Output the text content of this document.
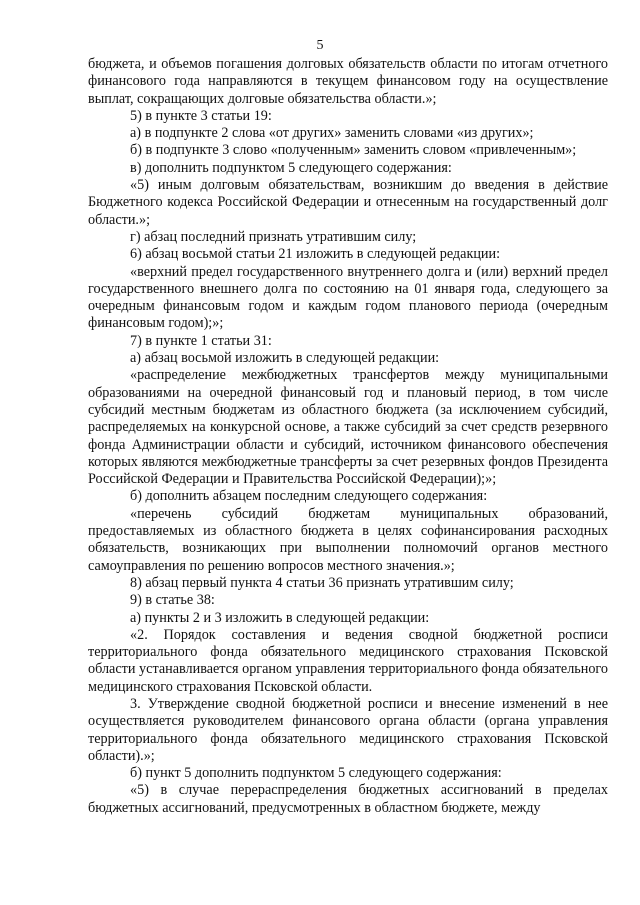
5

бюджета, и объемов погашения долговых обязательств области по итогам отчетного финансового года направляются в текущем финансовом году на осуществление выплат, сокращающих долговые обязательства области.»;

5) в пункте 3 статьи 19:

а) в подпункте 2 слова «от других» заменить словами «из других»;

б) в подпункте 3 слово «полученным» заменить словом «привлеченным»;

в) дополнить подпунктом 5 следующего содержания:

«5) иным долговым обязательствам, возникшим до введения в действие Бюджетного кодекса Российской Федерации и отнесенным на государственный долг области.»;

г) абзац последний признать утратившим силу;

6) абзац восьмой статьи 21 изложить в следующей редакции:

«верхний предел государственного внутреннего долга и (или) верхний предел государственного внешнего долга по состоянию на 01 января года, следующего за очередным финансовым годом и каждым годом планового периода (очередным финансовым годом);»;

7) в пункте 1 статьи 31:

а) абзац восьмой изложить в следующей редакции:

«распределение межбюджетных трансфертов между муниципальными образованиями на очередной финансовый год и плановый период, в том числе субсидий местным бюджетам из областного бюджета (за исключением субсидий, распределяемых на конкурсной основе, а также субсидий за счет средств резервного фонда Администрации области и субсидий, источником финансового обеспечения которых являются межбюджетные трансферты за счет резервных фондов Президента Российской Федерации и Правительства Российской Федерации);»;

б) дополнить абзацем последним следующего содержания:

«перечень субсидий бюджетам муниципальных образований, предоставляемых из областного бюджета в целях софинансирования расходных обязательств, возникающих при выполнении полномочий органов местного самоуправления по решению вопросов местного значения.»;

8) абзац первый пункта 4 статьи 36 признать утратившим силу;

9) в статье 38:

а) пункты 2 и 3 изложить в следующей редакции:

«2. Порядок составления и ведения сводной бюджетной росписи территориального фонда обязательного медицинского страхования Псковской области устанавливается органом управления территориального фонда обязательного медицинского страхования Псковской области.

3. Утверждение сводной бюджетной росписи и внесение изменений в нее осуществляется руководителем финансового органа области (органа управления территориального фонда обязательного медицинского страхования Псковской области).»;

б) пункт 5 дополнить подпунктом 5 следующего содержания:

«5) в случае перераспределения бюджетных ассигнований в пределах бюджетных ассигнований, предусмотренных в областном бюджете, между
